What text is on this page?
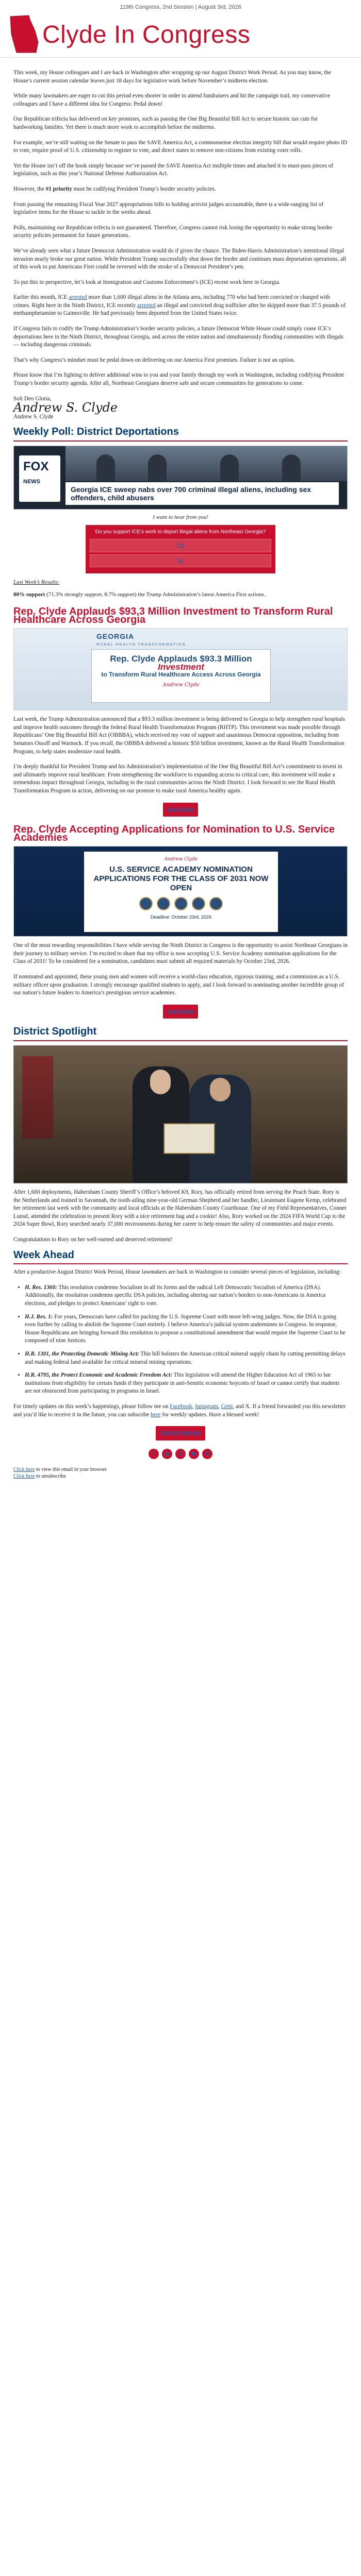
119th Congress, 2nd Session | August 3rd, 2026
Clyde In Congress

This week, my House colleagues and I are back in Washington after wrapping up our August District Work Period. As you may know, the House’s current session calendar leaves just 18 days for legislative work before November’s midterm election.

While many lawmakers are eager to cut this period even shorter in order to attend fundraisers and hit the campaign trail, my conservative colleagues and I have a different idea for Congress: Pedal down!

Our Republican trifecta has delivered on key promises, such as passing the One Big Beautiful Bill Act to secure historic tax cuts for hardworking families. Yet there is much more work to accomplish before the midterms.

For example, we’re still waiting on the Senate to pass the SAVE America Act, a commonsense election integrity bill that would require photo ID to vote, require proof of U.S. citizenship to register to vote, and direct states to remove non-citizens from existing voter rolls.

Yet the House isn’t off the hook simply because we’ve passed the SAVE America Act multiple times and attached it to must-pass pieces of legislation, such as this year’s National Defense Authorization Act.

However, the #1 priority must be codifying President Trump’s border security policies.

From passing the remaining Fiscal Year 2027 appropriations bills to holding activist judges accountable, there is a wide-ranging list of legislative items for the House to tackle in the weeks ahead.

Polls, maintaining our Republican trifecta is not guaranteed. Therefore, Congress cannot risk losing the opportunity to make strong border security policies permanent for future generations.

We’ve already seen what a future Democrat Administration would do if given the chance. The Biden-Harris Administration’s intentional illegal invasion nearly broke our great nation. While President Trump successfully shut down the border and continues mass deportation operations, all of this work to put Americans First could be reversed with the stroke of a Democrat President’s pen.

To put this in perspective, let’s look at Immigration and Customs Enforcement’s (ICE) recent work here in Georgia.

Earlier this month, ICE arrested more than 1,600 illegal aliens in the Atlanta area, including 770 who had been convicted or charged with crimes. Right here in the Ninth District, ICE recently arrested an illegal and convicted drug trafficker after he skipped more than 37.5 pounds of methamphetamine to Gainesville. He had previously been deported from the United States twice.

If Congress fails to codify the Trump Administration’s border security policies, a future Democrat White House could simply cease ICE’s deportations here in the Ninth District, throughout Georgia, and across the entire nation and simultaneously flooding communities with illegals — including dangerous criminals.

That’s why Congress’s mindset must be pedal down on delivering on our America First promises. Failure is not an option.

Please know that I’m fighting to deliver additional wins to you and your family through my work in Washington, including codifying President Trump’s border security agenda. After all, Northeast Georgians deserve safe and secure communities for generations to come.

Soli Deo Gloria,
Andrew S. Clyde
Andrew S. Clyde
Weekly Poll: District Deportations
FOX
NEWS
Georgia ICE sweep nabs over 700 criminal illegal aliens, including sex offenders, child abusers
I want to hear from you!
Do you support ICE’s work to deport illegal aliens from Northeast Georgia?
Yes
No
Last Week’s Results:
80% support (71.3% strongly support, 8.7% support) the Trump Administration’s latest America First actions.
Rep. Clyde Applauds $93.3 Million Investment to Transform Rural Healthcare Across Georgia
GEORGIA
RURAL HEALTH TRANSFORMATION
Rep. Clyde Applauds $93.3 Million
Investment
to Transform Rural Healthcare Access Across Georgia
Andrew Clyde

Last week, the Trump Administration announced that a $93.3 million investment is being delivered to Georgia to help strengthen rural hospitals and improve health outcomes through the federal Rural Health Transformation Program (RHTP). This investment was made possible through Republicans’ One Big Beautiful Bill Act (OBBBA), which received my vote of support and unanimous Democrat opposition, including from Senators Ossoff and Warnock. If you recall, the OBBBA delivered a historic $50 billion investment, known as the Rural Health Transformation Program, to help states modernize rural health.

I’m deeply thankful for President Trump and his Administration’s implementation of the One Big Beautiful Bill Act’s commitment to invest in and ultimately improve rural healthcare. From strengthening the workforce to expanding access to critical care, this investment will make a tremendous impact throughout Georgia, including in the rural communities across the Ninth District. I look forward to see the Rural Health Transformation Program in action, delivering on our promise to make rural America healthy again.

Learn More
Rep. Clyde Accepting Applications for Nomination to U.S. Service Academies
Andrew Clyde
U.S. SERVICE ACADEMY NOMINATION APPLICATIONS FOR THE CLASS OF 2031 NOW OPEN
Deadline: October 23rd, 2026

One of the most rewarding responsibilities I have while serving the Ninth District in Congress is the opportunity to assist Northeast Georgians in their journey to military service. I’m excited to share that my office is now accepting U.S. Service Academy nomination applications for the Class of 2031! To be considered for a nomination, candidates must submit all required materials by October 23rd, 2026.

If nominated and appointed, these young men and women will receive a world-class education, rigorous training, and a commission as a U.S. military officer upon graduation. I strongly encourage qualified students to apply, and I look forward to nominating another incredible group of our nation’s future leaders to America’s prestigious service academies.

Learn More
District Spotlight

After 1,600 deployments, Habersham County Sheriff’s Office’s beloved K9, Rory, has officially retired from serving the Peach State. Rory is the Netherlands and trained in Savannah, the tooth-ailing nine-year-old German Shepherd and her handler, Lieutenant Eugene Kemp, celebrated her retirement last week with the community and local officials at the Habersham County Courthouse. One of my Field Representatives, Conner Lunsd, attended the celebration to present Rory with a nice retirement bag and a cookie! Also, Rory worked on the 2024 FIFA World Cup to the 2024 Super Bowl, Rory searched nearly 37,000 environments during her career to help ensure the safety of communities and major events.

Congratulations to Rory on her well-earned and deserved retirement!

Week Ahead

After a productive August District Work Period, House lawmakers are back in Washington to consider several pieces of legislation, including:

• H. Res. 1360: This resolution condemns Socialism in all its forms and the radical Left Democratic Socialists of America (DSA). Additionally, the resolution condemns specific DSA policies, including altering our nation’s borders to non-Americans in America elections, and pledges to protect Americans’ right to vote.
• H.J. Res. 1: For years, Democrats have called for packing the U.S. Supreme Court with more left-wing judges. Now, the DSA is going even further by calling to abolish the Supreme Court entirely. I believe America’s judicial system undermines in Congress. In response, House Republicans are bringing forward this resolution to propose a constitutional amendment that would require the Supreme Court to be composed of nine Justices.
• H.R. 1301, the Protecting Domestic Mining Act: This bill bolsters the American critical mineral supply chain by cutting permitting delays and making federal land available for critical mineral mining operations.
• H.R. 4795, the Protect Economic and Academic Freedom Act: This legislation will amend the Higher Education Act of 1965 to bar institutions from eligibility for certain funds if they participate in anti-Semitic economic boycotts of Israel or cannot certify that students are not obstructed from participating in programs in Israel.

For timely updates on this week’s happenings, please follow me on Facebook, Instagram, Gettr, and X. If a friend forwarded you this newsletter and you’d like to receive it in the future, you can subscribe here for weekly updates. Have a blessed week!

Visit My Website
f	◎	X	▶	G
Click here to view this email in your browser
Click here to unsubscribe
